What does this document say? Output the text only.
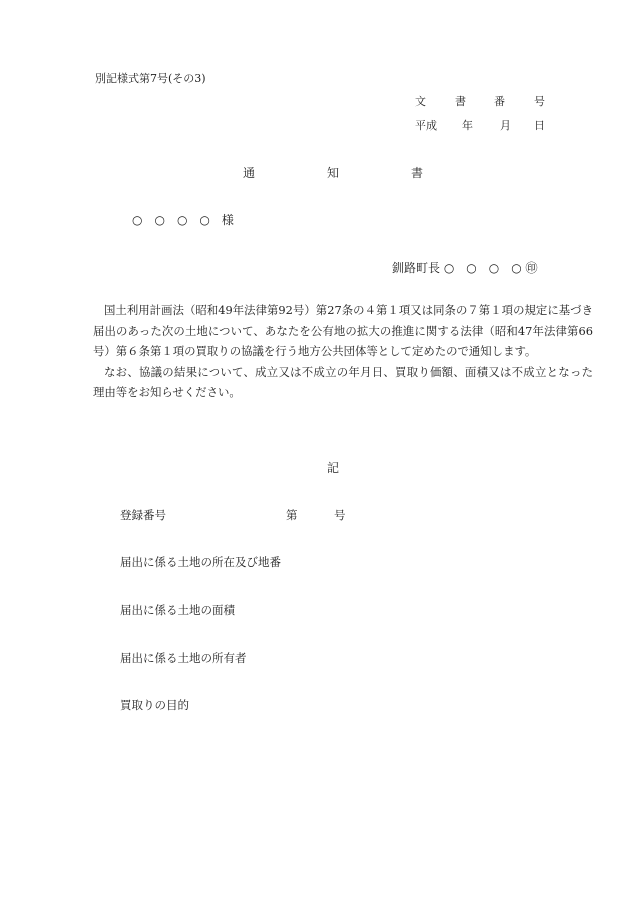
別記様式第7号(その3)
文	書	番	号
平成 年 月 日
通	知	書
○　○　○　○　様
釧路町長 ○　○　○　○ ㊞

国土利用計画法（昭和49年法律第92号）第27条の４第１項又は同条の７第１項の規定に基づき届出のあった次の土地について、あなたを公有地の拡大の推進に関する法律（昭和47年法律第66号）第６条第１項の買取りの協議を行う地方公共団体等として定めたので通知します。

なお、協議の結果について、成立又は不成立の年月日、買取り価額、面積又は不成立となった理由等をお知らせください。

記
登録番号	第	号
届出に係る土地の所在及び地番
届出に係る土地の面積
届出に係る土地の所有者
買取りの目的
